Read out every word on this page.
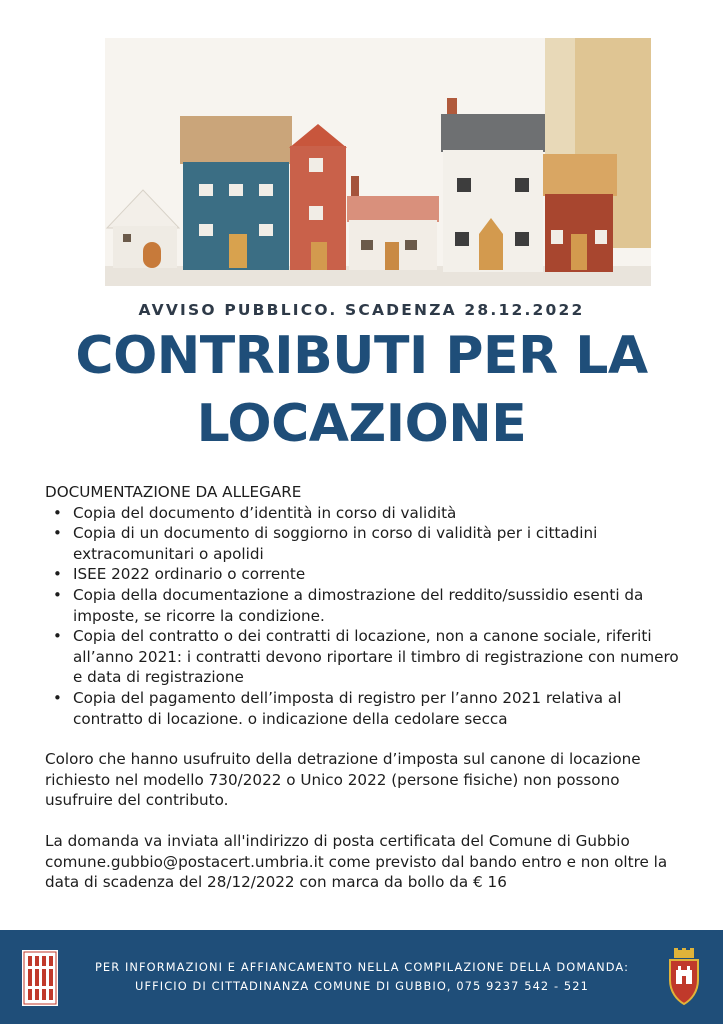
AVVISO PUBBLICO. SCADENZA 28.12.2022
CONTRIBUTI PER LA
LOCAZIONE

DOCUMENTAZIONE DA ALLEGARE

• Copia del documento d’identità in corso di validità
• Copia di un documento di soggiorno in corso di validità per i cittadini extracomunitari o apolidi
• ISEE 2022 ordinario o corrente
• Copia della documentazione a dimostrazione del reddito/sussidio esenti da imposte, se ricorre la condizione.
• Copia del contratto o dei contratti di locazione, non a canone sociale, riferiti all’anno 2021: i contratti devono riportare il timbro di registrazione con numero e data di registrazione
• Copia del pagamento dell’imposta di registro per l’anno 2021 relativa al contratto di locazione. o indicazione della cedolare secca

Coloro che hanno usufruito della detrazione d’imposta sul canone di locazione richiesto nel modello 730/2022 o Unico 2022 (persone fisiche) non possono usufruire del contributo.

La domanda va inviata all'indirizzo di posta certificata del Comune di Gubbio comune.gubbio@postacert.umbria.it come previsto dal bando entro e non oltre la data di scadenza del 28/12/2022 con marca da bollo da € 16

PER INFORMAZIONI E AFFIANCAMENTO NELLA COMPILAZIONE DELLA DOMANDA:
UFFICIO DI CITTADINANZA COMUNE DI GUBBIO, 075 9237 542 - 521
